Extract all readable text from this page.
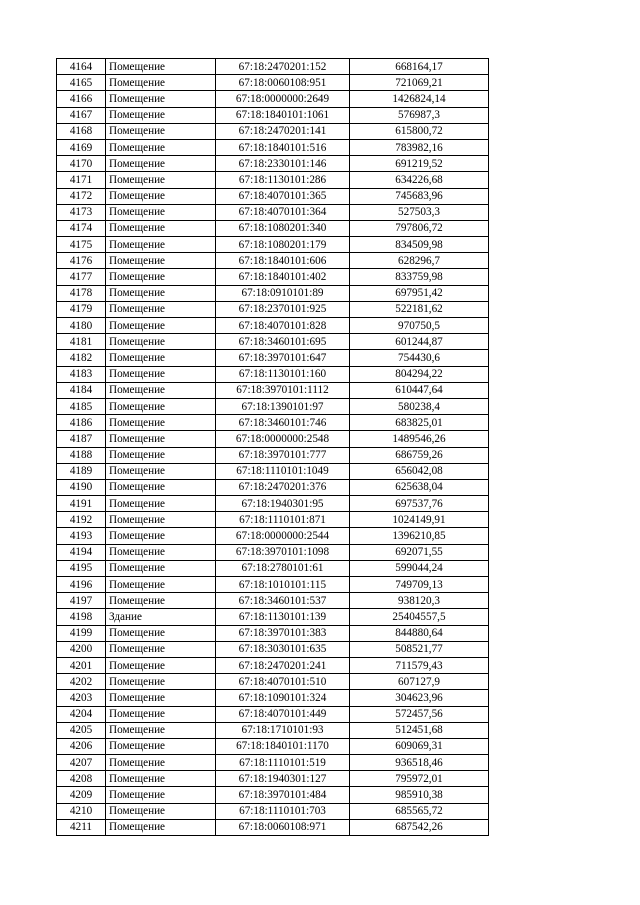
4164	Помещение	67:18:2470201:152	668164,17
4165	Помещение	67:18:0060108:951	721069,21
4166	Помещение	67:18:0000000:2649	1426824,14
4167	Помещение	67:18:1840101:1061	576987,3
4168	Помещение	67:18:2470201:141	615800,72
4169	Помещение	67:18:1840101:516	783982,16
4170	Помещение	67:18:2330101:146	691219,52
4171	Помещение	67:18:1130101:286	634226,68
4172	Помещение	67:18:4070101:365	745683,96
4173	Помещение	67:18:4070101:364	527503,3
4174	Помещение	67:18:1080201:340	797806,72
4175	Помещение	67:18:1080201:179	834509,98
4176	Помещение	67:18:1840101:606	628296,7
4177	Помещение	67:18:1840101:402	833759,98
4178	Помещение	67:18:0910101:89	697951,42
4179	Помещение	67:18:2370101:925	522181,62
4180	Помещение	67:18:4070101:828	970750,5
4181	Помещение	67:18:3460101:695	601244,87
4182	Помещение	67:18:3970101:647	754430,6
4183	Помещение	67:18:1130101:160	804294,22
4184	Помещение	67:18:3970101:1112	610447,64
4185	Помещение	67:18:1390101:97	580238,4
4186	Помещение	67:18:3460101:746	683825,01
4187	Помещение	67:18:0000000:2548	1489546,26
4188	Помещение	67:18:3970101:777	686759,26
4189	Помещение	67:18:1110101:1049	656042,08
4190	Помещение	67:18:2470201:376	625638,04
4191	Помещение	67:18:1940301:95	697537,76
4192	Помещение	67:18:1110101:871	1024149,91
4193	Помещение	67:18:0000000:2544	1396210,85
4194	Помещение	67:18:3970101:1098	692071,55
4195	Помещение	67:18:2780101:61	599044,24
4196	Помещение	67:18:1010101:115	749709,13
4197	Помещение	67:18:3460101:537	938120,3
4198	Здание	67:18:1130101:139	25404557,5
4199	Помещение	67:18:3970101:383	844880,64
4200	Помещение	67:18:3030101:635	508521,77
4201	Помещение	67:18:2470201:241	711579,43
4202	Помещение	67:18:4070101:510	607127,9
4203	Помещение	67:18:1090101:324	304623,96
4204	Помещение	67:18:4070101:449	572457,56
4205	Помещение	67:18:1710101:93	512451,68
4206	Помещение	67:18:1840101:1170	609069,31
4207	Помещение	67:18:1110101:519	936518,46
4208	Помещение	67:18:1940301:127	795972,01
4209	Помещение	67:18:3970101:484	985910,38
4210	Помещение	67:18:1110101:703	685565,72
4211	Помещение	67:18:0060108:971	687542,26
